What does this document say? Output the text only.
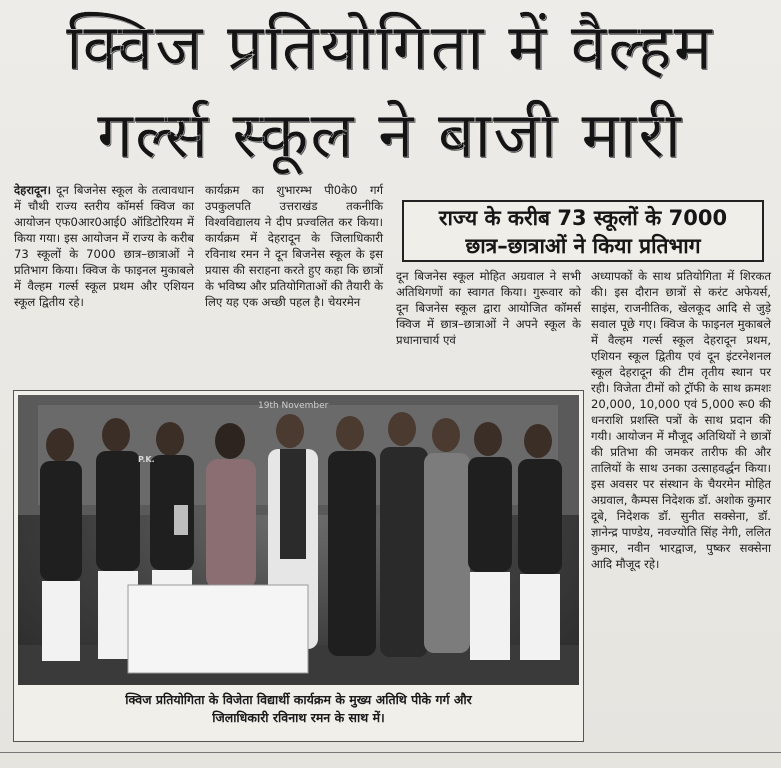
क्विज प्रतियोगिता में वैल्हम
गर्ल्स स्कूल ने बाजी मारी
देहरादून। दून बिजनेस स्कूल के तत्वावधान में चौथी राज्य स्तरीय कॉमर्स क्विज का आयोजन एफ0आर0आई0 ऑडिटोरियम में किया गया। इस आयोजन में राज्य के करीब 73 स्कूलों के 7000 छात्र–छात्राओं ने प्रतिभाग किया। क्विज के फाइनल मुकाबले में वैल्हम गर्ल्स स्कूल प्रथम और एशियन स्कूल द्वितीय रहे।
कार्यक्रम का शुभारम्भ पी0के0 गर्ग उपकुलपति उत्तराखंड तकनीकि विश्वविद्यालय ने दीप प्रज्वलित कर किया। कार्यक्रम में देहरादून के जिलाधिकारी रविनाथ रमन ने दून बिजनेस स्कूल के इस प्रयास की सराहना करते हुए कहा कि छात्रों के भविष्य और प्रतियोगिताओं की तैयारी के लिए यह एक अच्छी पहल है। चेयरमेन
राज्य के करीब 73 स्कूलों के 7000
छात्र–छात्राओं ने किया प्रतिभाग
दून बिजनेस स्कूल मोहित अग्रवाल ने सभी अतिथिगणों का स्वागत किया। गुरूवार को दून बिजनेस स्कूल द्वारा आयोजित कॉमर्स क्विज में छात्र–छात्राओं ने अपने स्कूल के प्रधानाचार्य एवं
अध्यापकों के साथ प्रतियोगिता में शिरकत की। इस दौरान छात्रों से करंट अफेयर्स, साइंस, राजनीतिक, खेलकूद आदि से जुड़े सवाल पूछे गए। क्विज के फाइनल मुकाबले में वैल्हम गर्ल्स स्कूल देहरादून प्रथम, एशियन स्कूल द्वितीय एवं दून इंटरनेशनल स्कूल देहरादून की टीम तृतीय स्थान पर रही। विजेता टीमों को ट्रॉफी के साथ क्रमशः 20,000, 10,000 एवं 5,000 रू0 की धनराशि प्रशस्ति पत्रों के साथ प्रदान की गयी। आयोजन में मौजूद अतिथियों ने छात्रों की प्रतिभा की जमकर तारीफ की और तालियों के साथ उनका उत्साहवर्द्धन किया। इस अवसर पर संस्थान के चैयरमेन मोहित अग्रवाल, कैम्पस निदेशक डॉ. अशोक कुमार दूबे, निदेशक डॉ. सुनीत सक्सेना, डॉ. ज्ञानेन्द्र पाण्डेय, नवज्योति सिंह नेगी, ललित कुमार, नवीन भारद्वाज, पुष्कर सक्सेना आदि मौजूद रहे।
19th November
P.K.
क्विज प्रतियोगिता के विजेता विद्यार्थी कार्यक्रम के मुख्य अतिथि पीके गर्ग और
जिलाधिकारी रविनाथ रमन के साथ में।
